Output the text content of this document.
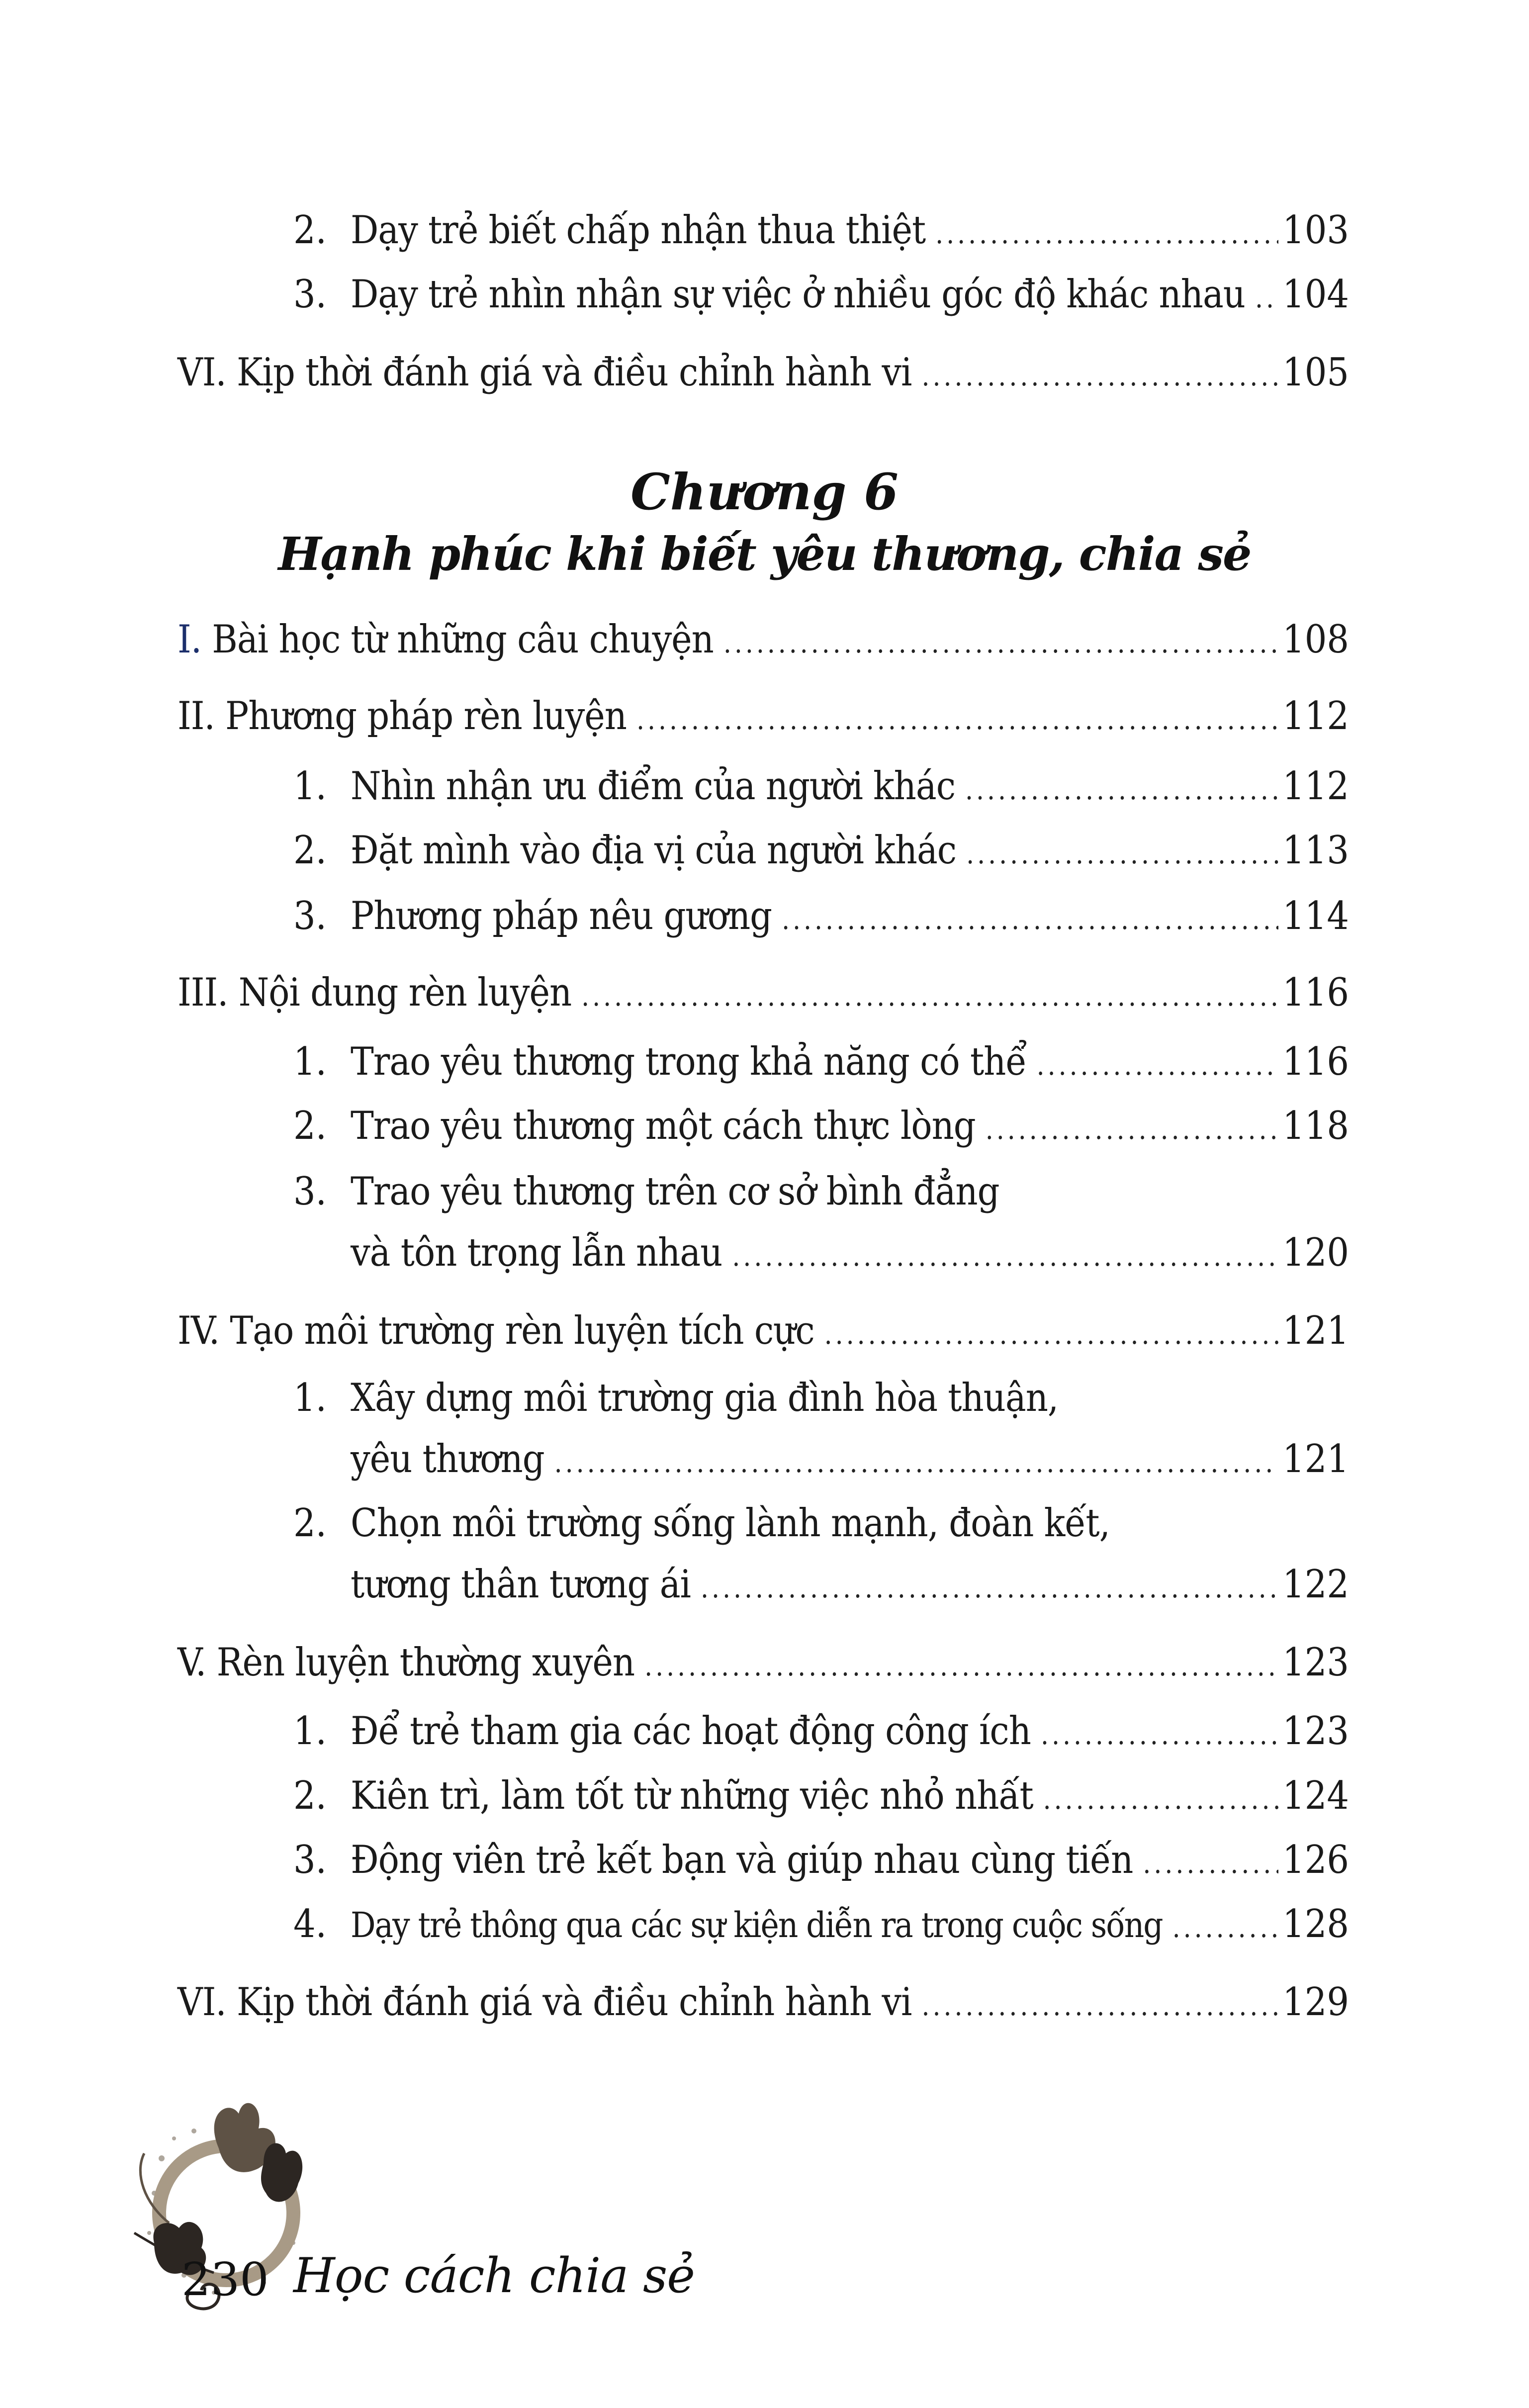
2. Dạy trẻ biết chấp nhận thua thiệt .....	103
3. Dạy trẻ nhìn nhận sự việc ở nhiều góc độ khác nhau ..... 104
VI. Kịp thời đánh giá và điều chỉnh hành vi .....	105
Chương 6
Hạnh phúc khi biết yêu thương, chia sẻ
I. Bài học từ những câu chuyện .....	108
II. Phương pháp rèn luyện .....	112
1. Nhìn nhận ưu điểm của người khác .....	112
2. Đặt mình vào địa vị của người khác .....	113
3. Phương pháp nêu gương .....	114
III. Nội dung rèn luyện .....	116
1. Trao yêu thương trong khả năng có thể .....	116
2. Trao yêu thương một cách thực lòng .....	118
3. Trao yêu thương trên cơ sở bình đẳng
và tôn trọng lẫn nhau .....	120
IV. Tạo môi trường rèn luyện tích cực .....	121
1. Xây dựng môi trường gia đình hòa thuận,
yêu thương .....	121
2. Chọn môi trường sống lành mạnh, đoàn kết,
tương thân tương ái .....	122
V. Rèn luyện thường xuyên .....	123
1. Để trẻ tham gia các hoạt động công ích .....	123
2. Kiên trì, làm tốt từ những việc nhỏ nhất .....	124
3. Động viên trẻ kết bạn và giúp nhau cùng tiến .....	126
4. Dạy trẻ thông qua các sự kiện diễn ra trong cuộc sống .....	128
VI. Kịp thời đánh giá và điều chỉnh hành vi .....	129
230 Học cách chia sẻ
